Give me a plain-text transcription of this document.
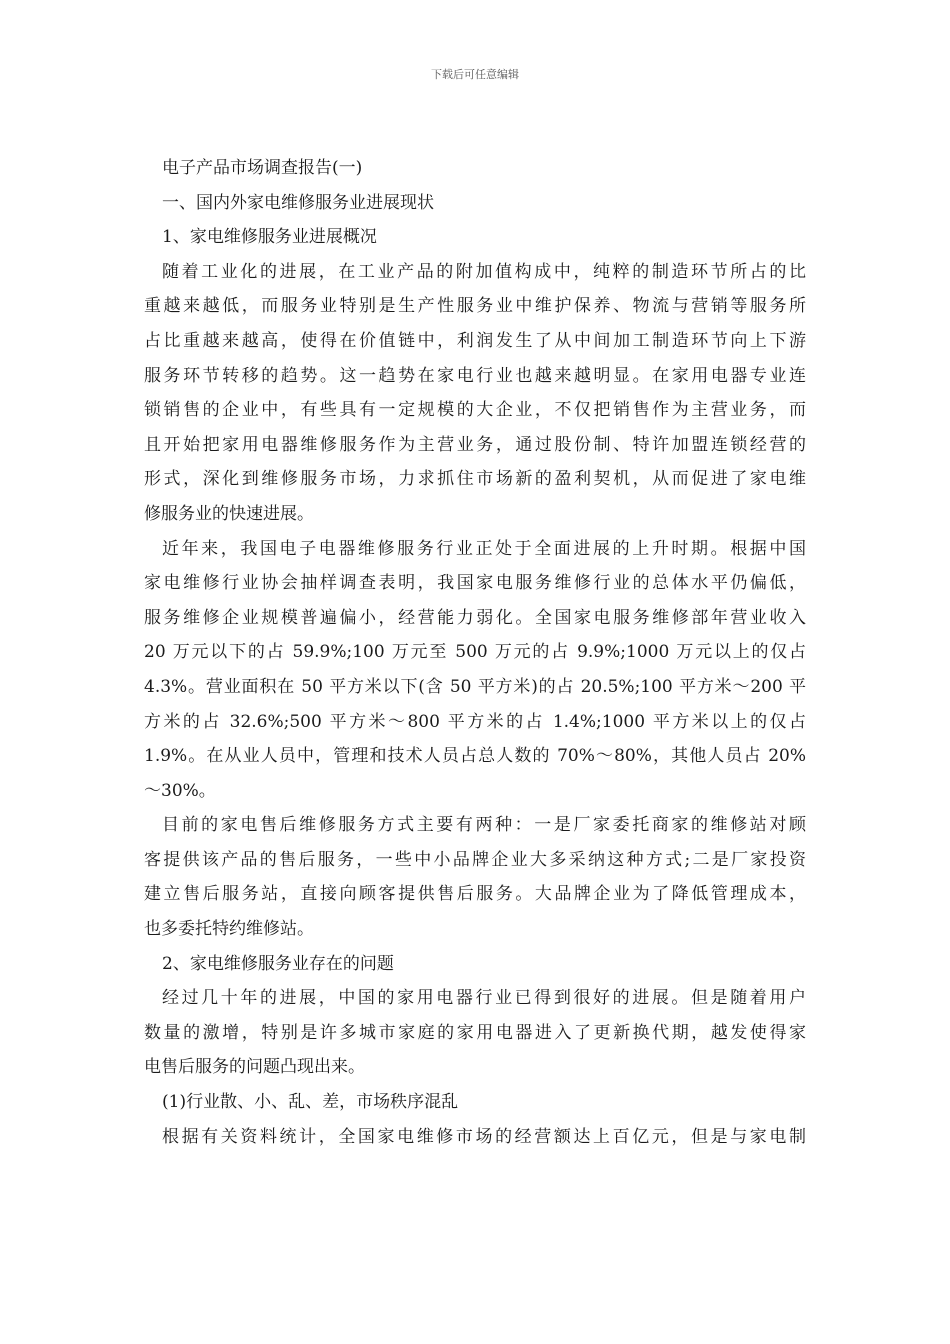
下载后可任意编辑
电子产品市场调查报告(一)
一、国内外家电维修服务业进展现状
1、家电维修服务业进展概况
随着工业化的进展，在工业产品的附加值构成中，纯粹的制造环节所占的比
重越来越低，而服务业特别是生产性服务业中维护保养、物流与营销等服务所
占比重越来越高，使得在价值链中，利润发生了从中间加工制造环节向上下游
服务环节转移的趋势。这一趋势在家电行业也越来越明显。在家用电器专业连
锁销售的企业中，有些具有一定规模的大企业，不仅把销售作为主营业务，而
且开始把家用电器维修服务作为主营业务，通过股份制、特许加盟连锁经营的
形式，深化到维修服务市场，力求抓住市场新的盈利契机，从而促进了家电维
修服务业的快速进展。
近年来，我国电子电器维修服务行业正处于全面进展的上升时期。根据中国
家电维修行业协会抽样调查表明，我国家电服务维修行业的总体水平仍偏低，
服务维修企业规模普遍偏小，经营能力弱化。全国家电服务维修部年营业收入
20 万元以下的占 59.9%;100 万元至 500 万元的占 9.9%;1000 万元以上的仅占
4.3%。营业面积在 50 平方米以下(含 50 平方米)的占 20.5%;100 平方米～200 平
方米的占 32.6%;500 平方米～800 平方米的占 1.4%;1000 平方米以上的仅占
1.9%。在从业人员中，管理和技术人员占总人数的 70%～80%，其他人员占 20%
～30%。
目前的家电售后维修服务方式主要有两种：一是厂家委托商家的维修站对顾
客提供该产品的售后服务，一些中小品牌企业大多采纳这种方式;二是厂家投资
建立售后服务站，直接向顾客提供售后服务。大品牌企业为了降低管理成本，
也多委托特约维修站。
2、家电维修服务业存在的问题
经过几十年的进展，中国的家用电器行业已得到很好的进展。但是随着用户
数量的激增，特别是许多城市家庭的家用电器进入了更新换代期，越发使得家
电售后服务的问题凸现出来。
(1)行业散、小、乱、差，市场秩序混乱
根据有关资料统计，全国家电维修市场的经营额达上百亿元，但是与家电制
